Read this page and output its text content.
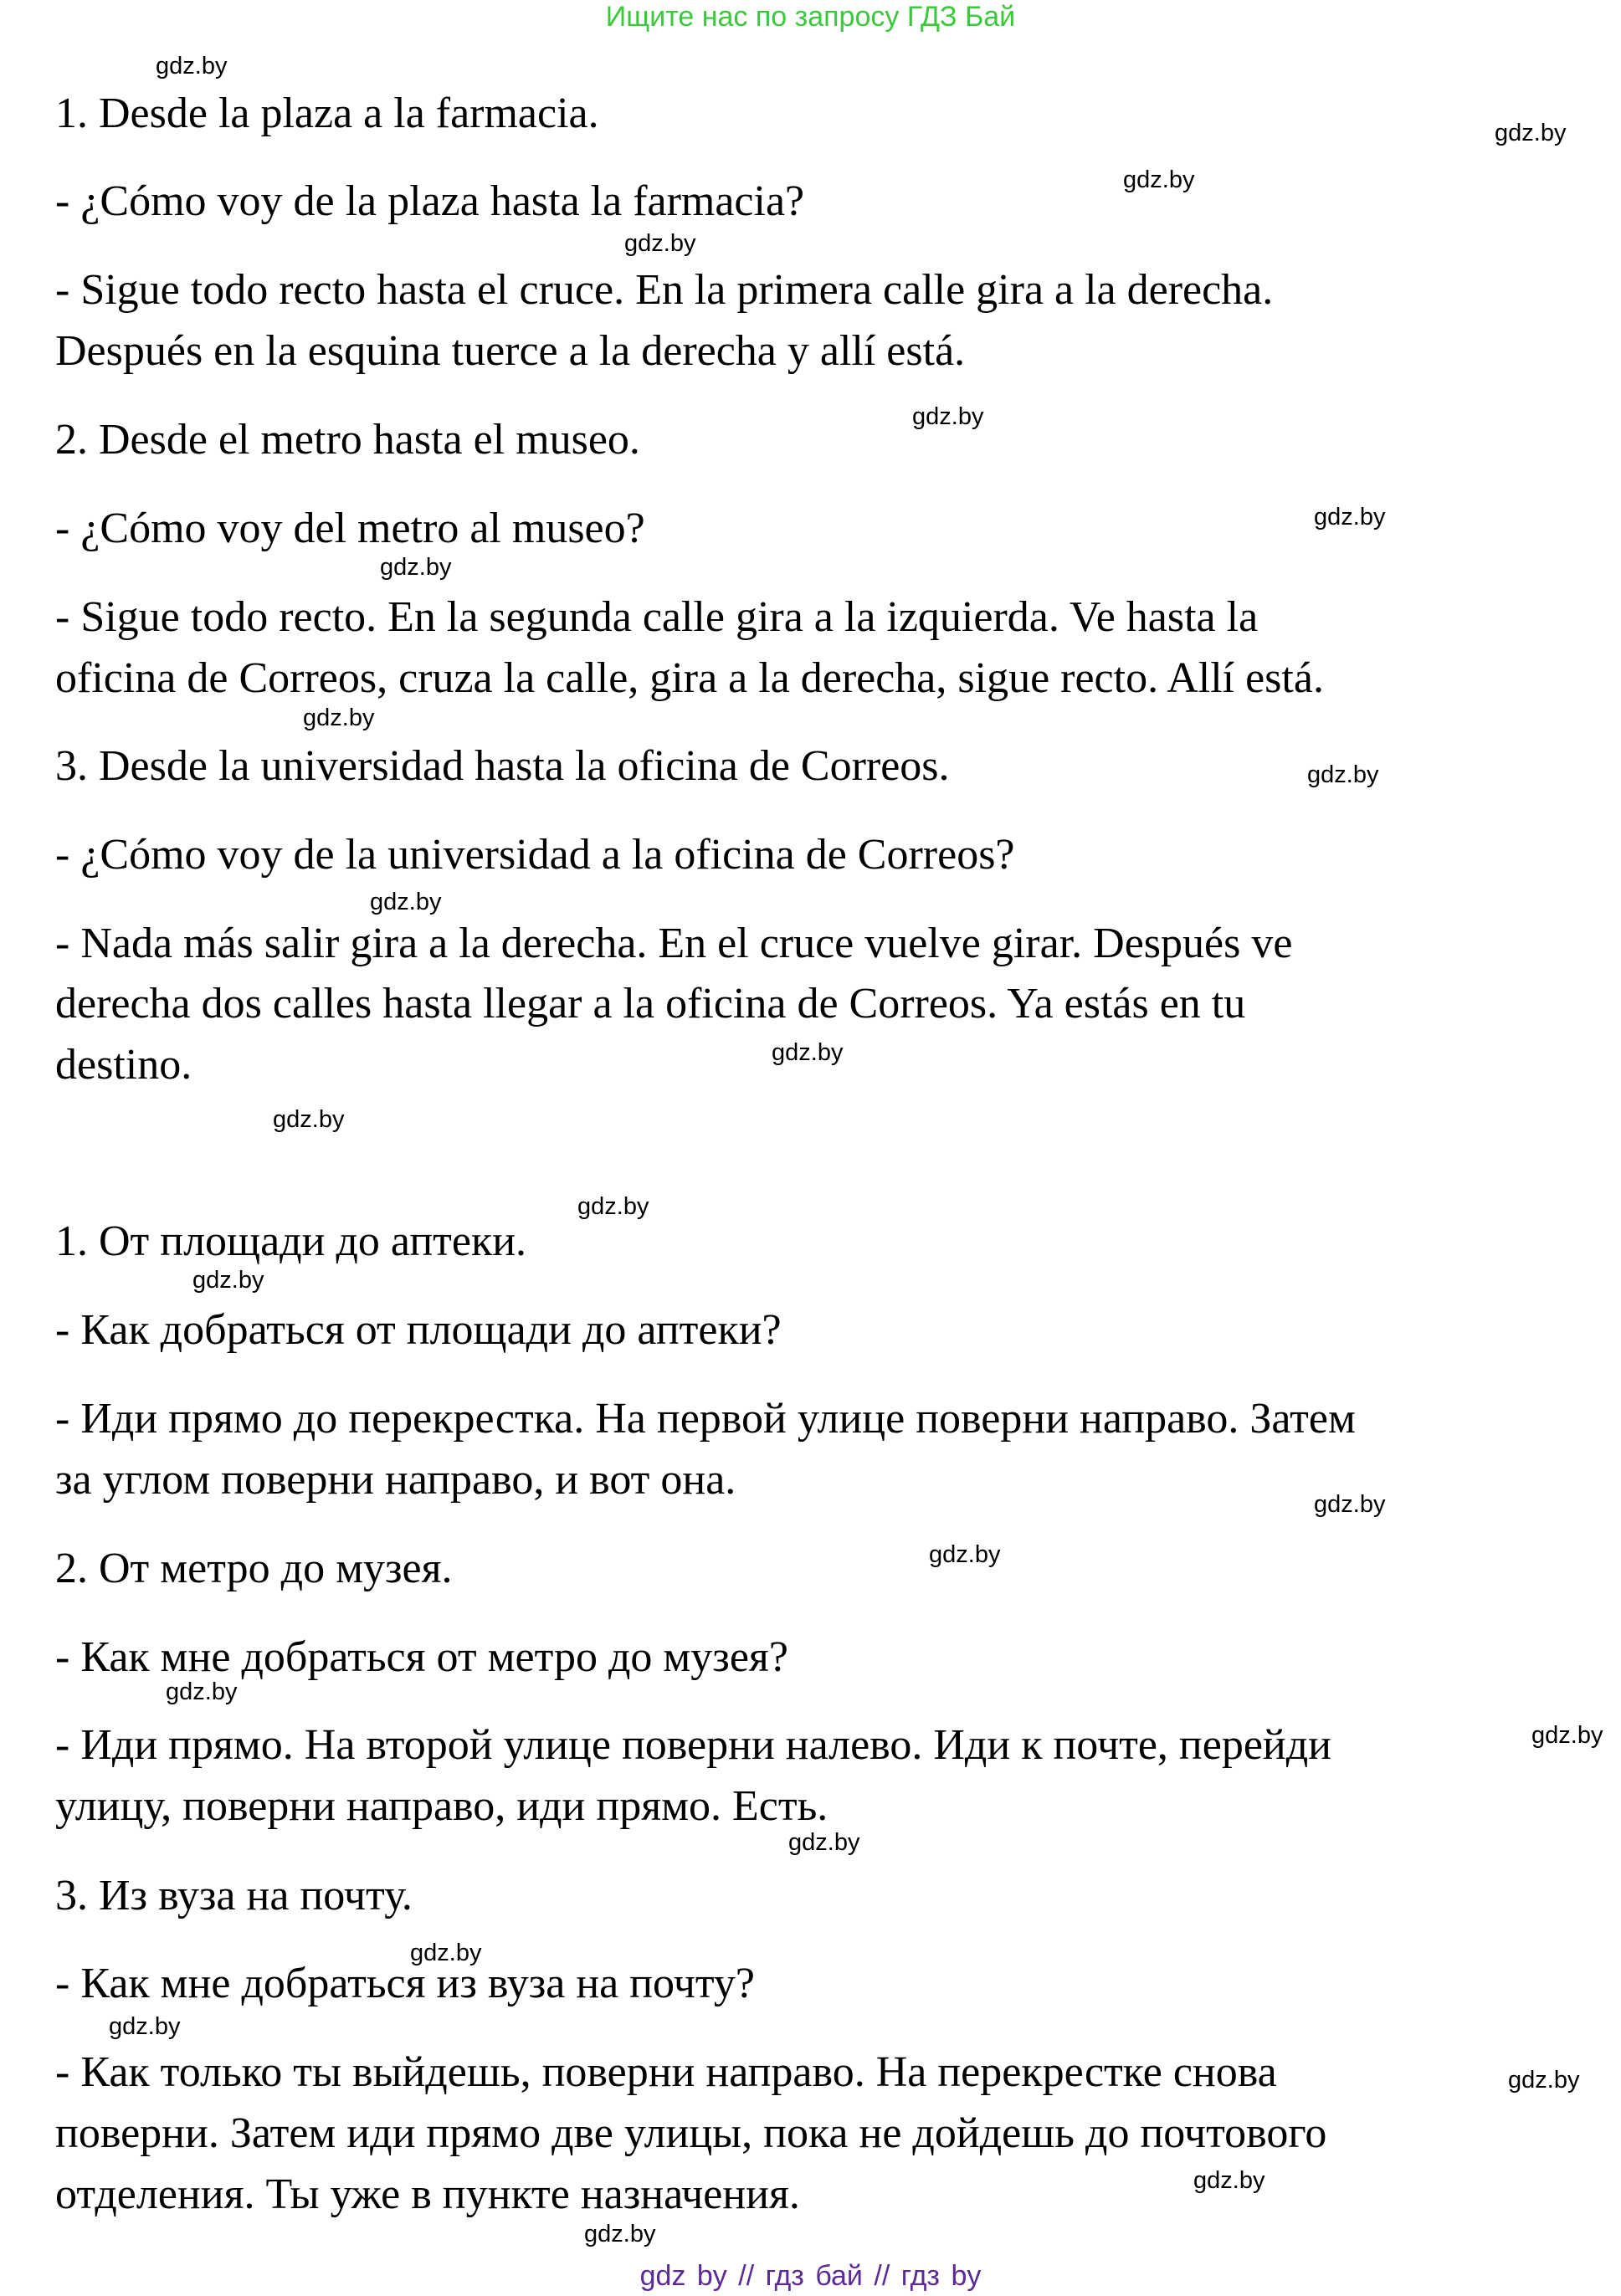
Ищите нас по запросу ГДЗ Бай
1. Desde la plaza a la farmacia.
- ¿Cómo voy de la plaza hasta la farmacia?
- Sigue todo recto hasta el cruce. En la primera calle gira a la derecha.
Después en la esquina tuerce a la derecha y allí está.
2. Desde el metro hasta el museo.
- ¿Cómo voy del metro al museo?
- Sigue todo recto. En la segunda calle gira a la izquierda. Ve hasta la
oficina de Correos, cruza la calle, gira a la derecha, sigue recto. Allí está.
3. Desde la universidad hasta la oficina de Correos.
- ¿Cómo voy de la universidad a la oficina de Correos?
- Nada más salir gira a la derecha. En el cruce vuelve girar. Después ve
derecha dos calles hasta llegar a la oficina de Correos. Ya estás en tu
destino.
1. От площади до аптеки.
- Как добраться от площади до аптеки?
- Иди прямо до перекрестка. На первой улице поверни направо. Затем
за углом поверни направо, и вот она.
2. От метро до музея.
- Как мне добраться от метро до музея?
- Иди прямо. На второй улице поверни налево. Иди к почте, перейди
улицу, поверни направо, иди прямо. Есть.
3. Из вуза на почту.
- Как мне добраться из вуза на почту?
- Как только ты выйдешь, поверни направо. На перекрестке снова
поверни. Затем иди прямо две улицы, пока не дойдешь до почтового
отделения. Ты уже в пункте назначения.
gdz.by
gdz.by
gdz.by
gdz.by
gdz.by
gdz.by
gdz.by
gdz.by
gdz.by
gdz.by
gdz.by
gdz.by
gdz.by
gdz.by
gdz.by
gdz.by
gdz.by
gdz.by
gdz.by
gdz.by
gdz.by
gdz.by
gdz.by
gdz.by
gdz by // гдз бай // гдз by
